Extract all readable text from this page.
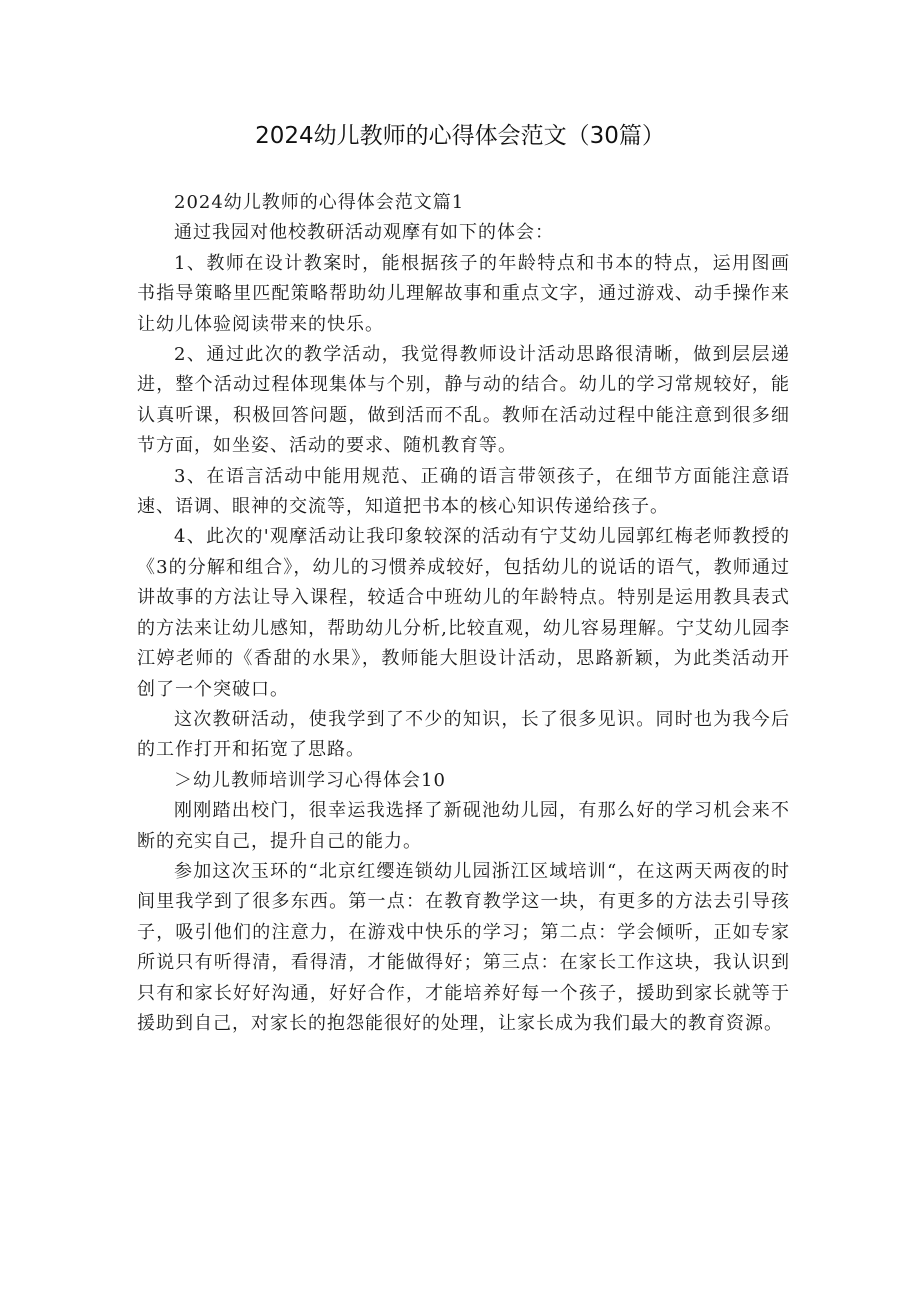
2024幼儿教师的心得体会范文（30篇）

2024幼儿教师的心得体会范文篇1

通过我园对他校教研活动观摩有如下的体会：

1、教师在设计教案时，能根据孩子的年龄特点和书本的特点，运用图画书指导策略里匹配策略帮助幼儿理解故事和重点文字，通过游戏、动手操作来让幼儿体验阅读带来的快乐。

2、通过此次的教学活动，我觉得教师设计活动思路很清晰，做到层层递进，整个活动过程体现集体与个别，静与动的结合。幼儿的学习常规较好，能认真听课，积极回答问题，做到活而不乱。教师在活动过程中能注意到很多细节方面，如坐姿、活动的要求、随机教育等。

3、在语言活动中能用规范、正确的语言带领孩子，在细节方面能注意语速、语调、眼神的交流等，知道把书本的核心知识传递给孩子。

4、此次的'观摩活动让我印象较深的活动有宁艾幼儿园郭红梅老师教授的《3的分解和组合》，幼儿的习惯养成较好，包括幼儿的说话的语气，教师通过讲故事的方法让导入课程，较适合中班幼儿的年龄特点。特别是运用教具表式的方法来让幼儿感知，帮助幼儿分析,比较直观，幼儿容易理解。宁艾幼儿园李江婷老师的《香甜的水果》，教师能大胆设计活动，思路新颖，为此类活动开创了一个突破口。

这次教研活动，使我学到了不少的知识，长了很多见识。同时也为我今后的工作打开和拓宽了思路。

＞幼儿教师培训学习心得体会10

刚刚踏出校门，很幸运我选择了新砚池幼儿园，有那么好的学习机会来不断的充实自己，提升自己的能力。

参加这次玉环的“北京红缨连锁幼儿园浙江区域培训“，在这两天两夜的时间里我学到了很多东西。第一点：在教育教学这一块，有更多的方法去引导孩子，吸引他们的注意力，在游戏中快乐的学习；第二点：学会倾听，正如专家所说只有听得清，看得清，才能做得好；第三点：在家长工作这块，我认识到只有和家长好好沟通，好好合作，才能培养好每一个孩子，援助到家长就等于援助到自己，对家长的抱怨能很好的处理，让家长成为我们最大的教育资源。
